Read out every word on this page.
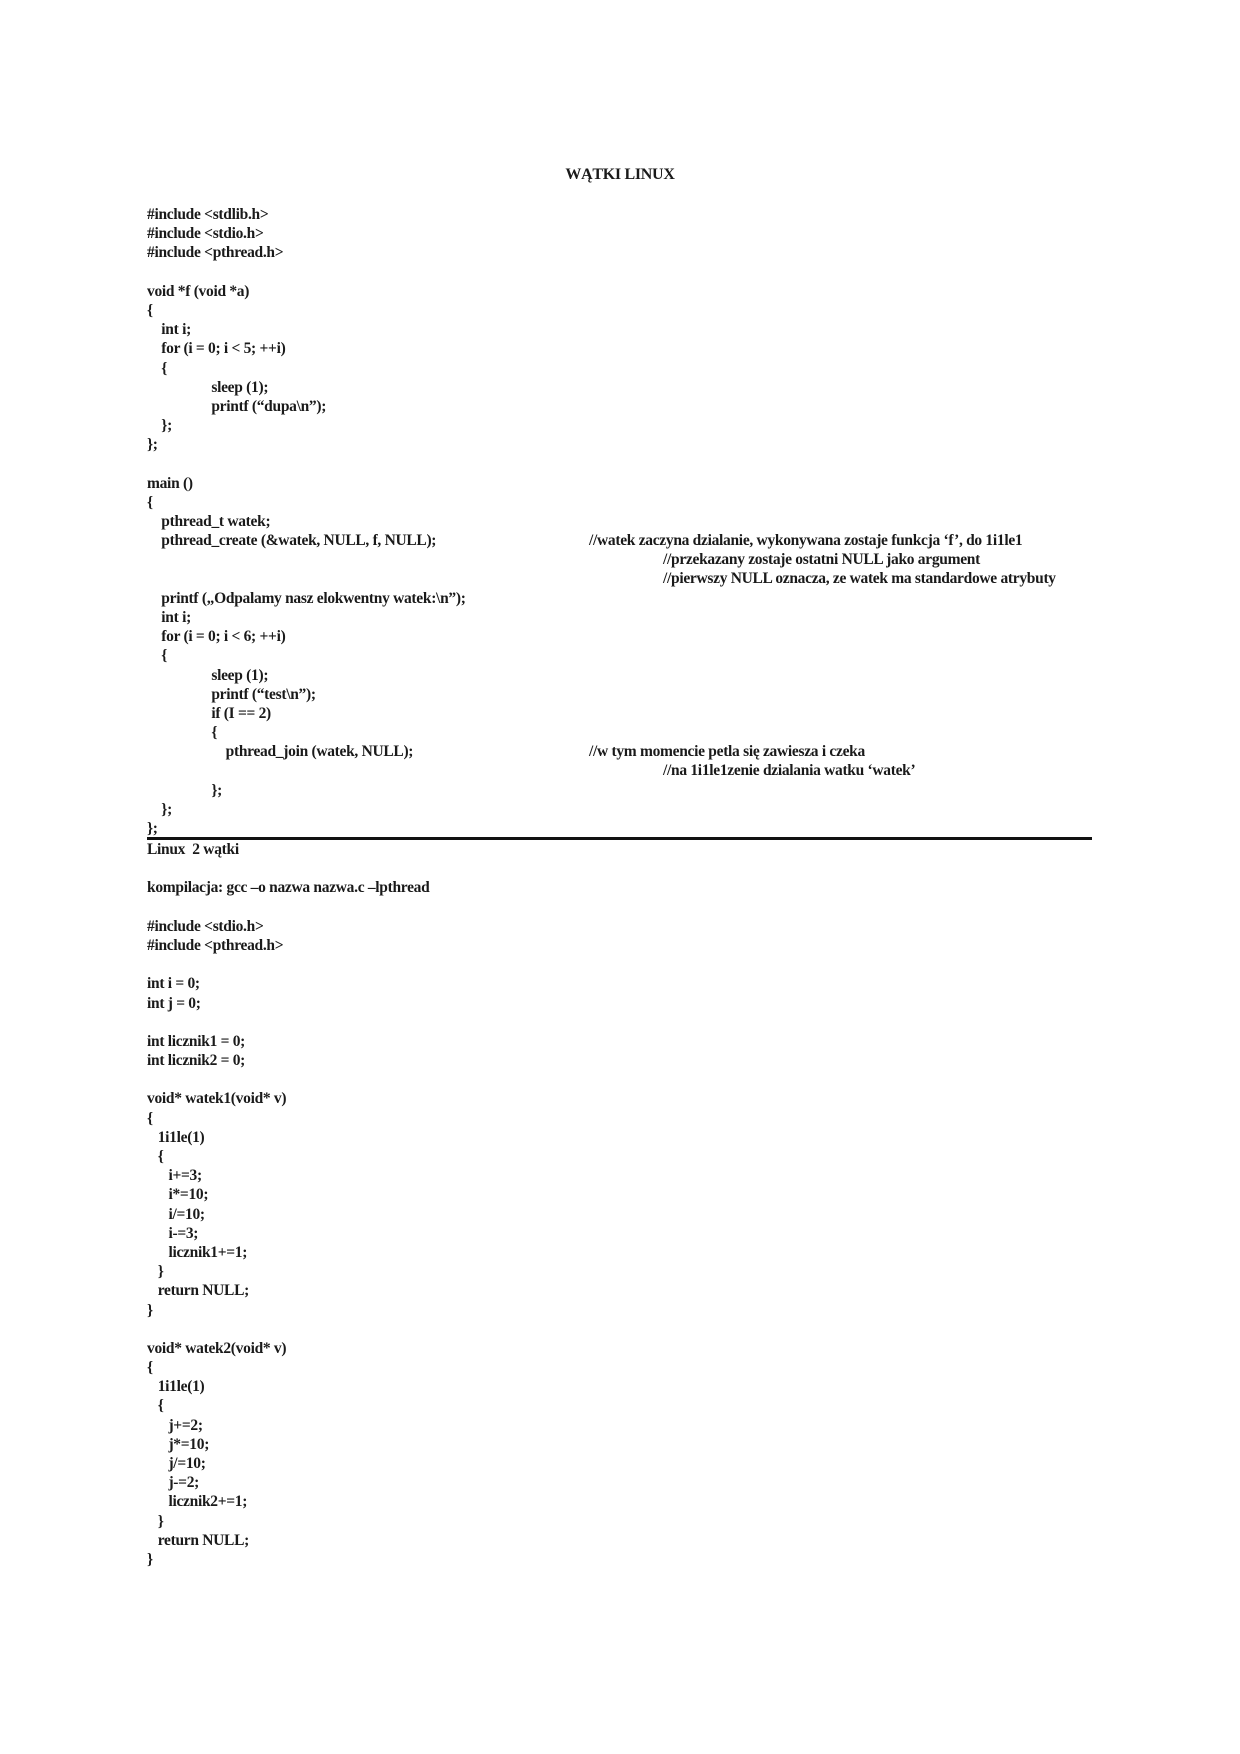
WĄTKI LINUX
#include <stdlib.h>
#include <stdio.h>
#include <pthread.h>
void *f (void *a)
{
int i;
for (i = 0; i < 5; ++i)
{
sleep (1);
printf (“dupa\n”);
};
};
main ()
{
pthread_t watek;
pthread_create (&watek, NULL, f, NULL);
printf („Odpalamy nasz elokwentny watek:\n”);
int i;
for (i = 0; i < 6; ++i)
{
sleep (1);
printf (“test\n”);
if (I == 2)
{
pthread_join (watek, NULL);
};
};
};
//watek zaczyna dzialanie, wykonywana zostaje funkcja ‘f’, do 1i1le1
//przekazany zostaje ostatni NULL jako argument
//pierwszy NULL oznacza, ze watek ma standardowe atrybuty
//w tym momencie petla się zawiesza i czeka
//na 1i1le1zenie dzialania watku ‘watek’
Linux  2 wątki
kompilacja: gcc –o nazwa nazwa.c –lpthread
#include <stdio.h>
#include <pthread.h>
int i = 0;
int j = 0;
int licznik1 = 0;
int licznik2 = 0;
void* watek1(void* v)
{
1i1le(1)
{
i+=3;
i*=10;
i/=10;
i-=3;
licznik1+=1;
}
return NULL;
}
void* watek2(void* v)
{
1i1le(1)
{
j+=2;
j*=10;
j/=10;
j-=2;
licznik2+=1;
}
return NULL;
}
